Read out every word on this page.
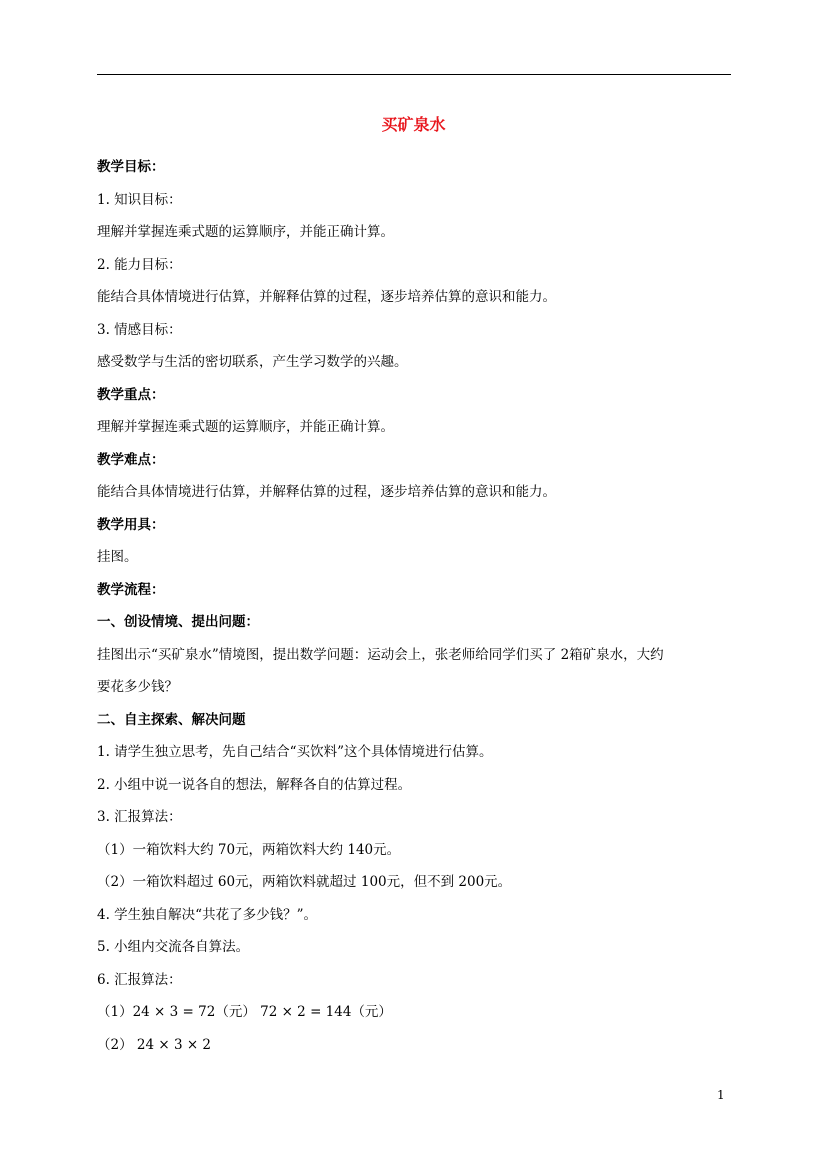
买矿泉水
教学目标：
1. 知识目标：
理解并掌握连乘式题的运算顺序，并能正确计算。
2. 能力目标：
能结合具体情境进行估算，并解释估算的过程，逐步培养估算的意识和能力。
3. 情感目标：
感受数学与生活的密切联系，产生学习数学的兴趣。
教学重点：
理解并掌握连乘式题的运算顺序，并能正确计算。
教学难点：
能结合具体情境进行估算，并解释估算的过程，逐步培养估算的意识和能力。
教学用具：
挂图。
教学流程：
一、创设情境、提出问题：
挂图出示“买矿泉水”情境图，提出数学问题：运动会上，张老师给同学们买了 2箱矿泉水，大约
要花多少钱？
二、自主探索、解决问题
1. 请学生独立思考，先自己结合“买饮料”这个具体情境进行估算。
2. 小组中说一说各自的想法，解释各自的估算过程。
3. 汇报算法：
（1）一箱饮料大约 70元，两箱饮料大约 140元。
（2）一箱饮料超过 60元，两箱饮料就超过 100元，但不到 200元。
4. 学生独自解决“共花了多少钱？”。
5. 小组内交流各自算法。
6. 汇报算法：
（1）24 × 3 = 72（元） 72 × 2 = 144（元）
（2） 24 × 3 × 2
1
